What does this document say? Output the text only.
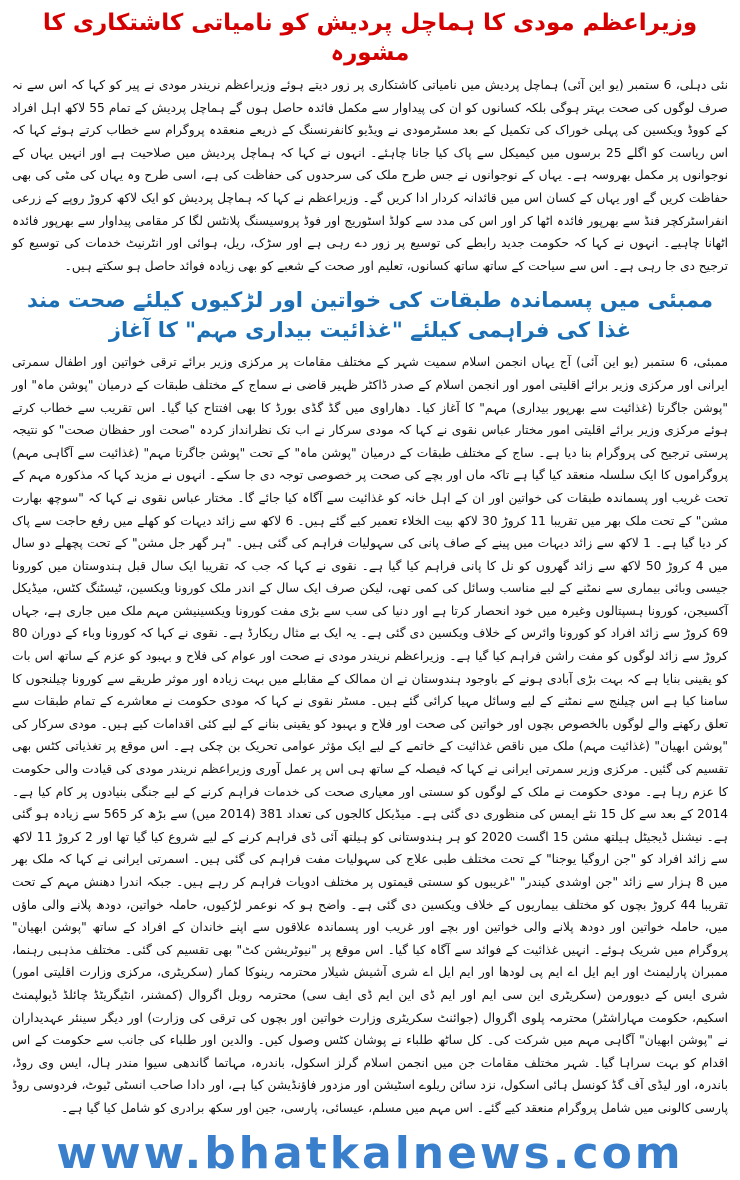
وزیراعظم مودی کا ہماچل پردیش کو نامیاتی کاشتکاری کا مشورہ

نئی دہلی، 6 ستمبر (یو این آئی) ہماچل پردیش میں نامیاتی کاشتکاری پر زور دیتے ہوئے وزیراعظم نریندر مودی نے پیر کو کہا کہ اس سے نہ صرف لوگوں کی صحت بہتر ہوگی بلکہ کسانوں کو ان کی پیداوار سے مکمل فائدہ حاصل ہوں گے ہماچل پردیش کے تمام 55 لاکھ اہل افراد کے کووڈ ویکسین کی پہلی خوراک کی تکمیل کے بعد مسٹرمودی نے ویڈیو کانفرنسنگ کے ذریعے منعقدہ پروگرام سے خطاب کرتے ہوئے کہا کہ اس ریاست کو اگلے 25 برسوں میں کیمیکل سے پاک کیا جانا چاہئے۔ انہوں نے کہا کہ ہماچل پردیش میں صلاحیت ہے اور انہیں یہاں کے نوجوانوں پر مکمل بھروسہ ہے۔ یہاں کے نوجوانوں نے جس طرح ملک کی سرحدوں کی حفاظت کی ہے، اسی طرح وہ یہاں کی مٹی کی بھی حفاظت کریں گے اور یہاں کے کسان اس میں قائدانہ کردار ادا کریں گے۔ وزیراعظم نے کہا کہ ہماچل پردیش کو ایک لاکھ کروڑ روپے کے زرعی انفراسٹرکچر فنڈ سے بھرپور فائدہ اٹھا کر اور اس کی مدد سے کولڈ اسٹوریج اور فوڈ پروسیسنگ پلانٹس لگا کر مقامی پیداوار سے بھرپور فائدہ اٹھانا چاہیے۔ انہوں نے کہا کہ حکومت جدید رابطے کی توسیع پر زور دے رہی ہے اور سڑک، ریل، ہوائی اور انٹرنیٹ خدمات کی توسیع کو ترجیح دی جا رہی ہے۔ اس سے سیاحت کے ساتھ ساتھ کسانوں، تعلیم اور صحت کے شعبے کو بھی زیادہ فوائد حاصل ہو سکتے ہیں۔

ممبئی میں پسماندہ طبقات کی خواتین اور لڑکیوں کیلئے صحت مند غذا کی فراہمی کیلئے "غذائیت بیداری مہم" کا آغاز

ممبئی، 6 ستمبر (یو این آئی) آج یہاں انجمن اسلام سمیت شہر کے مختلف مقامات پر مرکزی وزیر برائے ترقی خواتین اور اطفال سمرتی ایرانی اور مرکزی وزیر برائے اقلیتی امور اور انجمن اسلام کے صدر ڈاکٹر ظہیر قاضی نے سماج کے مختلف طبقات کے درمیان "پوشن ماہ" اور "پوشن جاگرتا (غذائیت سے بھرپور بیداری) مہم" کا آغاز کیا۔ دھاراوی میں گڈ گڈی بورڈ کا بھی افتتاح کیا گیا۔ اس تقریب سے خطاب کرتے ہوئے مرکزی وزیر برائے اقلیتی امور مختار عباس نقوی نے کہا کہ مودی سرکار نے اب تک نظرانداز کردہ "صحت اور حفظان صحت" کو نتیجہ پرستی ترجیح کی پروگرام بنا دیا ہے۔ ساج کے مختلف طبقات کے درمیان "پوشن ماہ" کے تحت "پوشن جاگرتا مہم" (غذائیت سے آگاہی مہم) پروگراموں کا ایک سلسلہ منعقد کیا گیا ہے تاکہ ماں اور بچے کی صحت پر خصوصی توجہ دی جا سکے۔ انہوں نے مزید کہا کہ مذکورہ مہم کے تحت غریب اور پسماندہ طبقات کی خواتین اور ان کے اہل خانہ کو غذائیت سے آگاہ کیا جائے گا۔ مختار عباس نقوی نے کہا کہ "سوچھ بھارت مشن" کے تحت ملک بھر میں تقریبا 11 کروڑ 30 لاکھ بیت الخلاء تعمیر کیے گئے ہیں۔ 6 لاکھ سے زائد دیہات کو کھلے میں رفع حاجت سے پاک کر دیا گیا ہے۔ 1 لاکھ سے زائد دیہات میں پینے کے صاف پانی کی سہولیات فراہم کی گئی ہیں۔ "ہر گھر جل مشن" کے تحت پچھلے دو سال میں 4 کروڑ 50 لاکھ سے زائد گھروں کو نل کا پانی فراہم کیا گیا ہے۔ نقوی نے کہا کہ جب کہ تقریبا ایک سال قبل ہندوستان میں کورونا جیسی وبائی بیماری سے نمٹنے کے لیے مناسب وسائل کی کمی تھی، لیکن صرف ایک سال کے اندر ملک کورونا ویکسین، ٹیسٹنگ کٹس، میڈیکل آکسیجن، کورونا ہسپتالوں وغیرہ میں خود انحصار کرتا ہے اور دنیا کی سب سے بڑی مفت کورونا ویکسینیشن مہم ملک میں جاری ہے، جہاں 69 کروڑ سے زائد افراد کو کورونا وائرس کے خلاف ویکسین دی گئی ہے۔ یہ ایک بے مثال ریکارڈ ہے۔ نقوی نے کہا کہ کورونا وباء کے دوران 80 کروڑ سے زائد لوگوں کو مفت راشن فراہم کیا گیا ہے۔ وزیراعظم نریندر مودی نے صحت اور عوام کی فلاح و بہبود کو عزم کے ساتھ اس بات کو یقینی بنایا ہے کہ بہت بڑی آبادی ہونے کے باوجود ہندوستان نے ان ممالک کے مقابلے میں بہت زیادہ اور موثر طریقے سے کورونا چیلنجوں کا سامنا کیا ہے اس چیلنج سے نمٹنے کے لیے وسائل مہیا کرائی گئے ہیں۔ مسٹر نقوی نے کہا کہ مودی حکومت نے معاشرے کے تمام طبقات سے تعلق رکھنے والے لوگوں بالخصوص بچوں اور خواتین کی صحت اور فلاح و بہبود کو یقینی بنانے کے لیے کئی اقدامات کیے ہیں۔ مودی سرکار کی "پوشن ابھیان" (غذائیت مہم) ملک میں ناقص غذائیت کے خاتمے کے لیے ایک مؤثر عوامی تحریک بن چکی ہے۔ اس موقع پر تغذیاتی کٹس بھی تقسیم کی گئیں۔ مرکزی وزیر سمرتی ایرانی نے کہا کہ فیصلہ کے ساتھ ہی اس پر عمل آوری وزیراعظم نریندر مودی کی قیادت والی حکومت کا عزم رہا ہے۔ مودی حکومت نے ملک کے لوگوں کو سستی اور معیاری صحت کی خدمات فراہم کرنے کے لیے جنگی بنیادوں پر کام کیا ہے۔ 2014 کے بعد سے کل 15 نئے ایمس کی منظوری دی گئی ہے۔ میڈیکل کالجوں کی تعداد 381 (2014 میں) سے بڑھ کر 565 سے زیادہ ہو گئی ہے۔ نیشنل ڈیجیٹل ہیلتھ مشن 15 اگست 2020 کو ہر ہندوستانی کو ہیلتھ آئی ڈی فراہم کرنے کے لیے شروع کیا گیا تھا اور 2 کروڑ 11 لاکھ سے زائد افراد کو "جن اروگیا یوجنا" کے تحت مختلف طبی علاج کی سہولیات مفت فراہم کی گئی ہیں۔ اسمرتی ایرانی نے کہا کہ ملک بھر میں 8 ہزار سے زائد "جن اوشدی کیندر" "غریبوں کو سستی قیمتوں پر مختلف ادویات فراہم کر رہے ہیں۔ جبکہ اندرا دھنش مہم کے تحت تقریبا 44 کروڑ بچوں کو مختلف بیماریوں کے خلاف ویکسین دی گئی ہے۔ واضح ہو کہ نوعمر لڑکیوں، حاملہ خواتین، دودھ پلانے والی ماؤں میں، حاملہ خواتین اور دودھ پلانے والی خواتین اور بچے اور غریب اور پسماندہ علاقوں سے اپنے خاندان کے افراد کے ساتھ "پوشن ابھیان" پروگرام میں شریک ہوئے۔ انہیں غذائیت کے فوائد سے آگاہ کیا گیا۔ اس موقع پر "نیوٹریشن کٹ" بھی تقسیم کی گئی۔ مختلف مذہبی رہنما، ممبران پارلیمنٹ اور ایم ایل اے ایم پی لودھا اور ایم ایل اے شری آشیش شیلار محترمہ رینوکا کمار (سکریٹری، مرکزی وزارت اقلیتی امور) شری ایس کے دیوورمن (سکریٹری این سی ایم اور ایم ڈی این ایم ڈی ایف سی) محترمہ روبل اگروال (کمشنر، انٹیگریٹڈ چائلڈ ڈیولپمنٹ اسکیم، حکومت مہاراشٹر) محترمہ پلوی اگروال (جوائنٹ سکریٹری وزارت خواتین اور بچوں کی ترقی کی وزارت) اور دیگر سینئر عہدیداران نے "پوشن ابھیان" آگاہی مہم میں شرکت کی۔ کل ساٹھ طلباء نے پوشان کٹس وصول کیں۔ والدین اور طلباء کی جانب سے حکومت کے اس اقدام کو بہت سراہا گیا۔ شہر مختلف مقامات جن میں انجمن اسلام گرلز اسکول، باندرہ، مہاتما گاندھی سیوا مندر ہال، ایس وی روڈ، باندرہ، اور لیڈی آف گڈ کونسل ہائی اسکول، نزد سائن ریلوے اسٹیشن اور مزدور فاؤنڈیشن کیا ہے، اور دادا صاحب انسٹی ٹیوٹ، فردوسی روڈ پارسی کالونی میں شامل پروگرام منعقد کیے گئے۔ اس مہم میں مسلم، عیسائی، پارسی، جین اور سکھ برادری کو شامل کیا گیا ہے۔

www.bhatkalnews.com
